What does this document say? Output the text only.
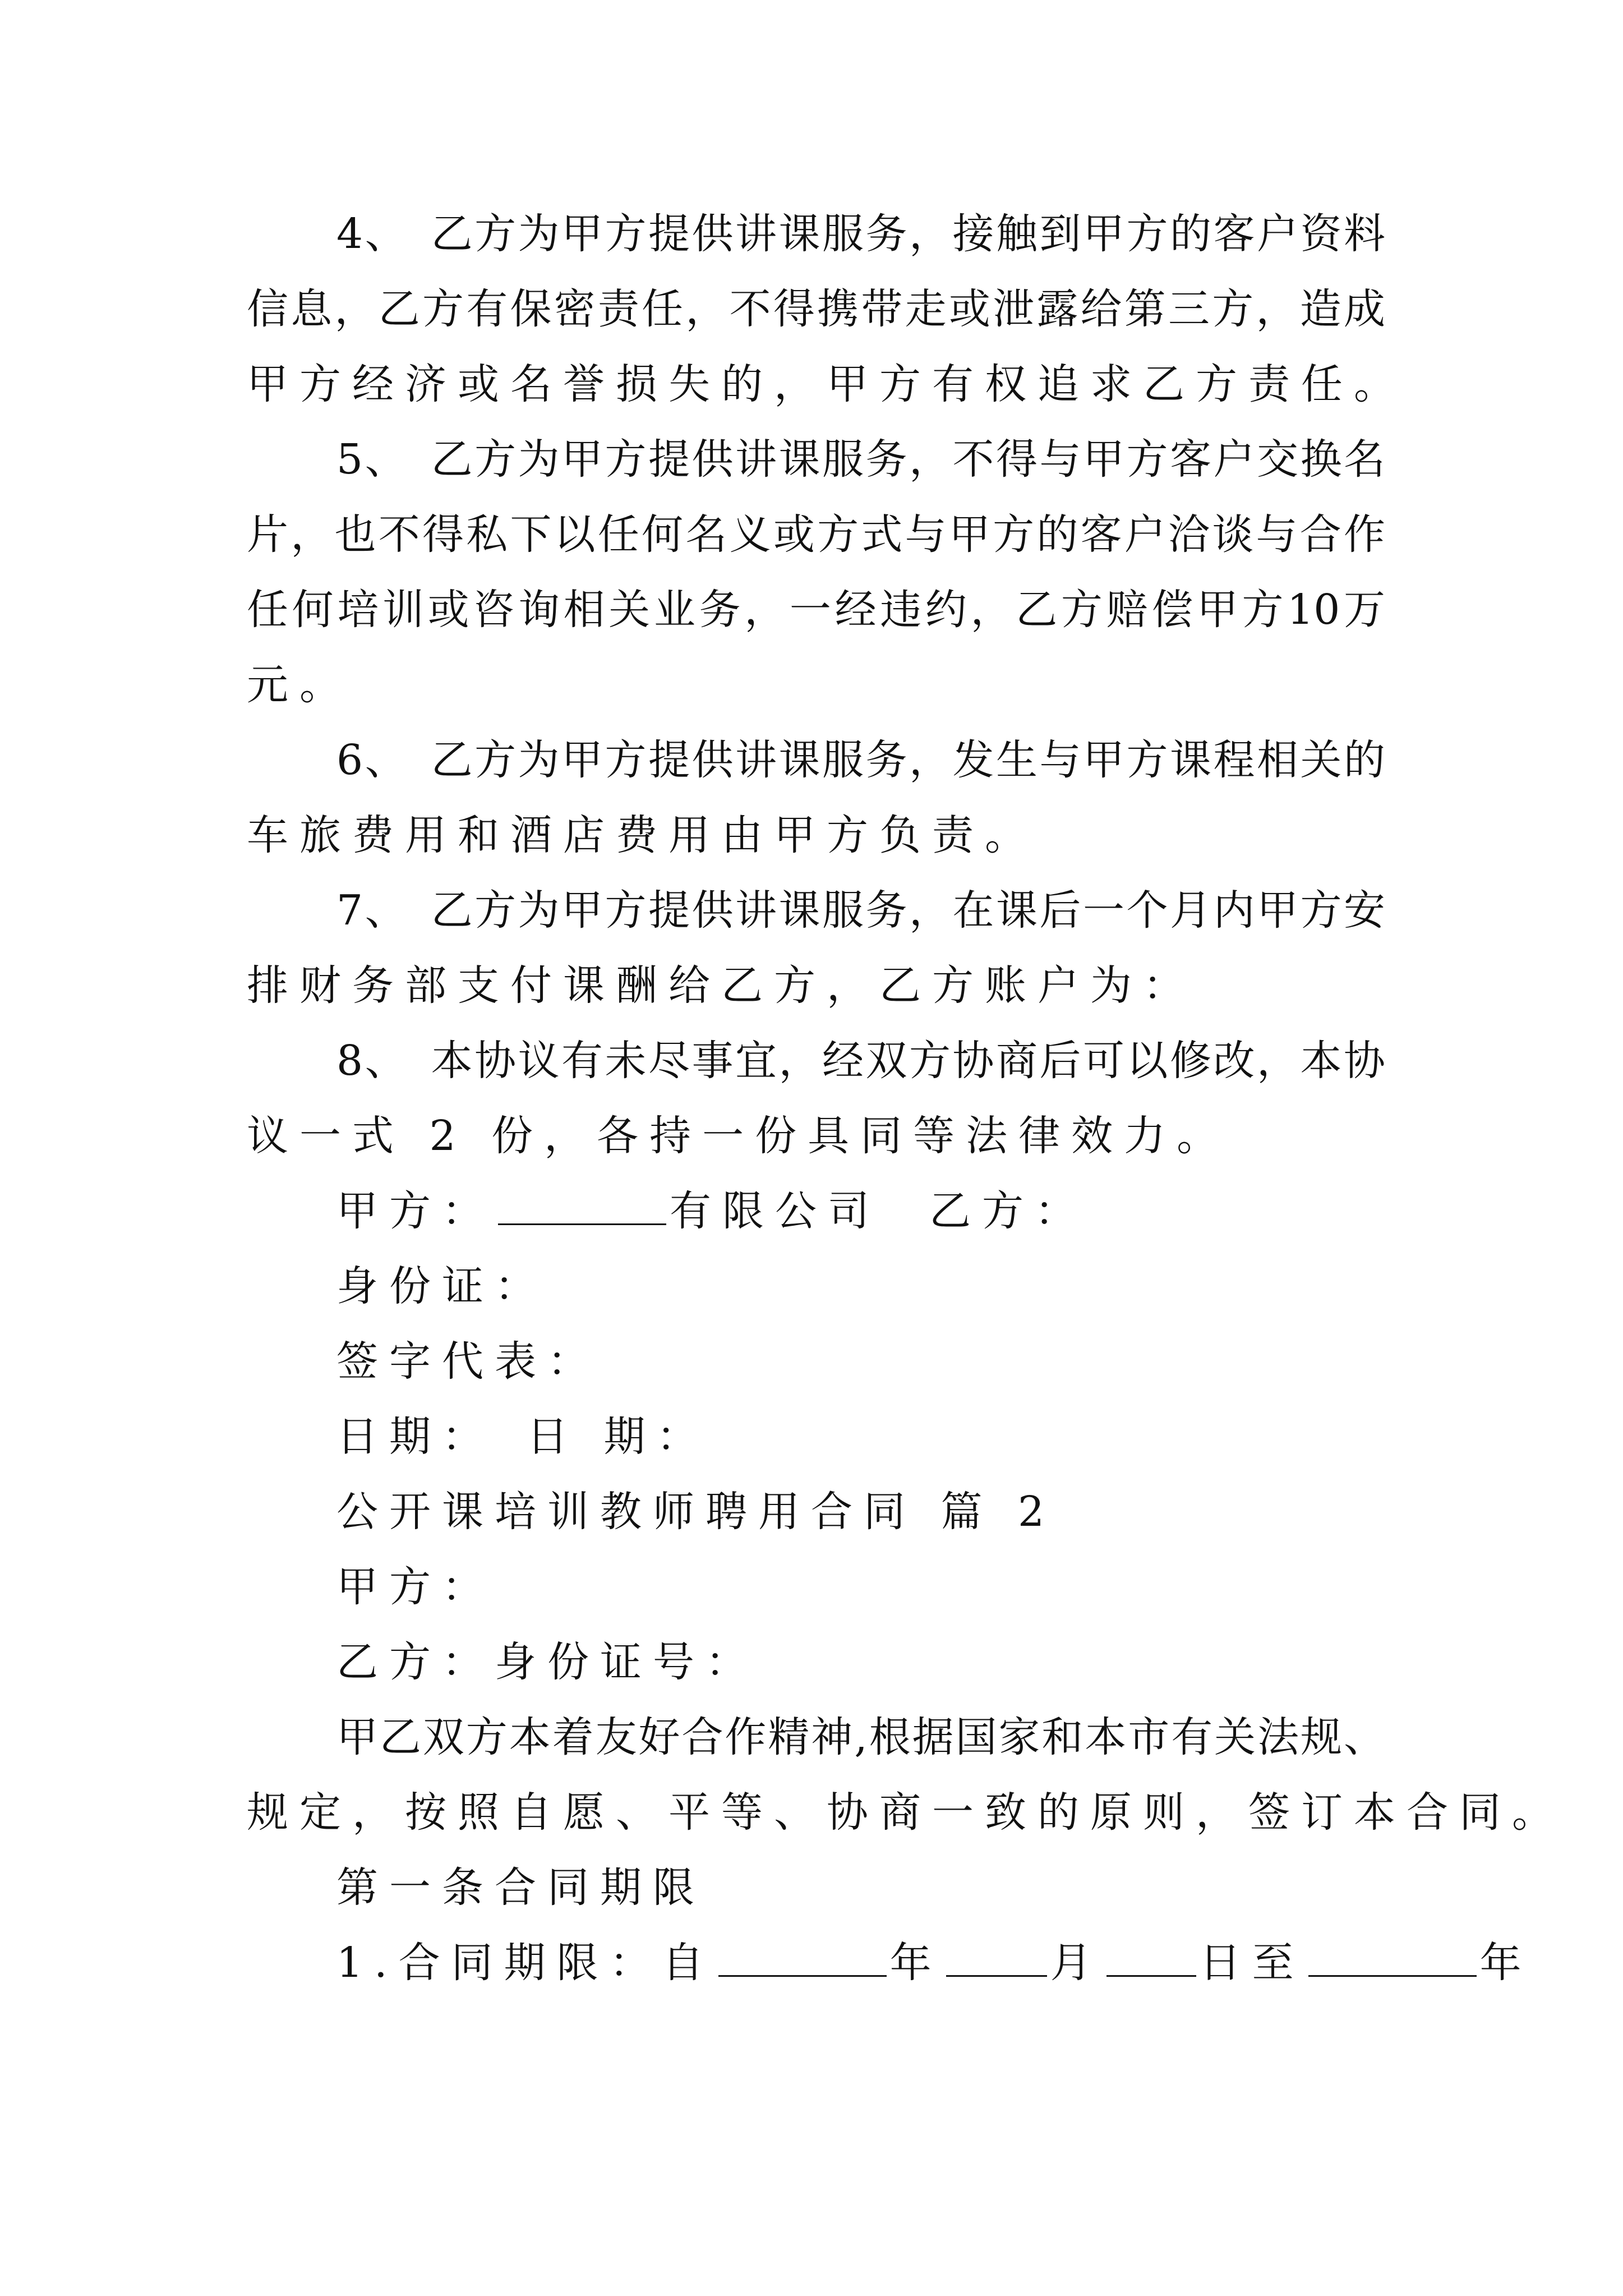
4、　乙方为甲方提供讲课服务，接触到甲方的客户资料
信息，乙方有保密责任，不得携带走或泄露给第三方，造成
甲方经济或名誉损失的，甲方有权追求乙方责任。
5、　乙方为甲方提供讲课服务，不得与甲方客户交换名
片，也不得私下以任何名义或方式与甲方的客户洽谈与合作
任何培训或咨询相关业务，一经违约，乙方赔偿甲方10万
元。
6、　乙方为甲方提供讲课服务，发生与甲方课程相关的
车旅费用和酒店费用由甲方负责。
7、　乙方为甲方提供讲课服务，在课后一个月内甲方安
排财务部支付课酬给乙方，乙方账户为：
8、　本协议有未尽事宜，经双方协商后可以修改，本协
议一式 2 份，各持一份具同等法律效力。
甲方：	有限公司 乙方：
身份证：
签字代表：
日期：　日 期：
公开课培训教师聘用合同 篇 2
甲方：
乙方：身份证号：
甲乙双方本着友好合作精神,根据国家和本市有关法规、
规定，按照自愿、平等、协商一致的原则，签订本合同。
第一条合同期限
1.合同期限：自	年	月 日至	年
